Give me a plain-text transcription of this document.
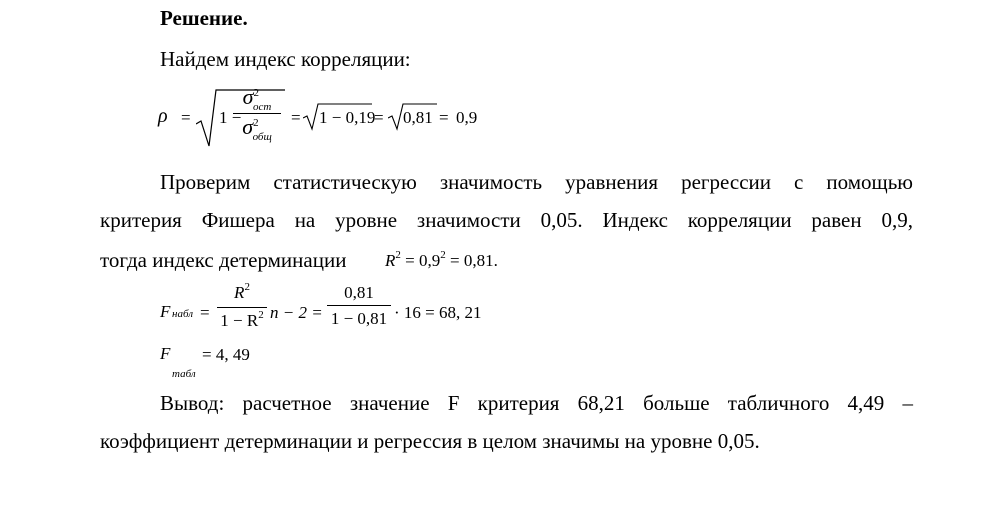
Решение.
Найдем индекс корреляции:
ρ = 1 −
$\sigma^2_{ост}$
$\sigma^2_{общ}$
= 1 − 0,19
= 0,81 = 0,9
Проверим статистическую значимость уравнения регрессии с помощью
критерия Фишера на уровне значимости 0,05. Индекс корреляции равен 0,9,
тогда индекс детерминации $R^2 = 0,9^2 = 0,81$.
F $_{набл}$ =
$R^2$
$1 - R^2$ n − 2 =
0,81
1 − 0,81 · 16 = 68, 21
F
$_{табл}$
= 4, 49
Вывод: расчетное значение F критерия 68,21 больше табличного 4,49 –
коэффициент детерминации и регрессия в целом значимы на уровне 0,05.
